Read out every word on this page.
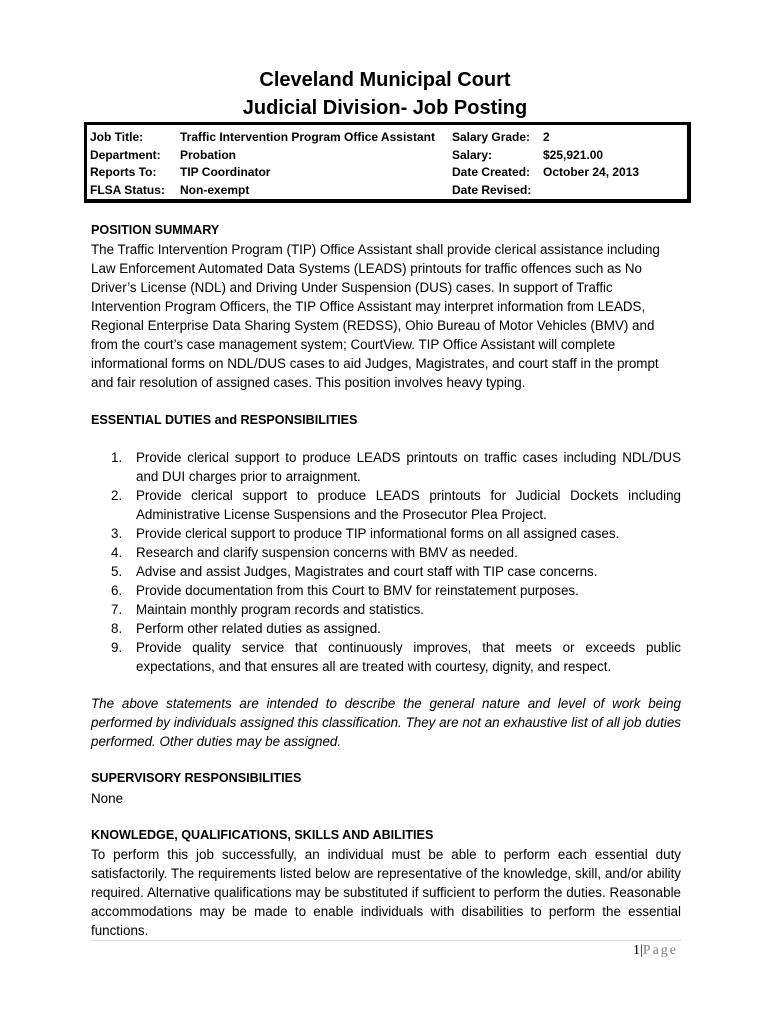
Cleveland Municipal Court
Judicial Division- Job Posting
Job Title:	Traffic Intervention Program Office Assistant Salary Grade: 2
Department: Probation	Salary:	$25,921.00
Reports To: TIP Coordinator	Date Created: October 24, 2013
FLSA Status: Non-exempt	Date Revised:
POSITION SUMMARY
The Traffic Intervention Program (TIP) Office Assistant shall provide clerical assistance including Law Enforcement Automated Data Systems (LEADS) printouts for traffic offences such as No Driver’s License (NDL) and Driving Under Suspension (DUS) cases. In support of Traffic Intervention Program Officers, the TIP Office Assistant may interpret information from LEADS, Regional Enterprise Data Sharing System (REDSS), Ohio Bureau of Motor Vehicles (BMV) and from the court’s case management system; CourtView. TIP Office Assistant will complete informational forms on NDL/DUS cases to aid Judges, Magistrates, and court staff in the prompt and fair resolution of assigned cases. This position involves heavy typing.
ESSENTIAL DUTIES and RESPONSIBILITIES
1. Provide clerical support to produce LEADS printouts on traffic cases including NDL/DUS and DUI charges prior to arraignment.
2. Provide clerical support to produce LEADS printouts for Judicial Dockets including Administrative License Suspensions and the Prosecutor Plea Project.
3. Provide clerical support to produce TIP informational forms on all assigned cases.
4. Research and clarify suspension concerns with BMV as needed.
5. Advise and assist Judges, Magistrates and court staff with TIP case concerns.
6. Provide documentation from this Court to BMV for reinstatement purposes.
7. Maintain monthly program records and statistics.
8. Perform other related duties as assigned.
9. Provide quality service that continuously improves, that meets or exceeds public expectations, and that ensures all are treated with courtesy, dignity, and respect.
The above statements are intended to describe the general nature and level of work being performed by individuals assigned this classification. They are not an exhaustive list of all job duties performed. Other duties may be assigned.
SUPERVISORY RESPONSIBILITIES
None
KNOWLEDGE, QUALIFICATIONS, SKILLS AND ABILITIES
To perform this job successfully, an individual must be able to perform each essential duty satisfactorily. The requirements listed below are representative of the knowledge, skill, and/or ability required. Alternative qualifications may be substituted if sufficient to perform the duties. Reasonable accommodations may be made to enable individuals with disabilities to perform the essential functions.
1|Page
